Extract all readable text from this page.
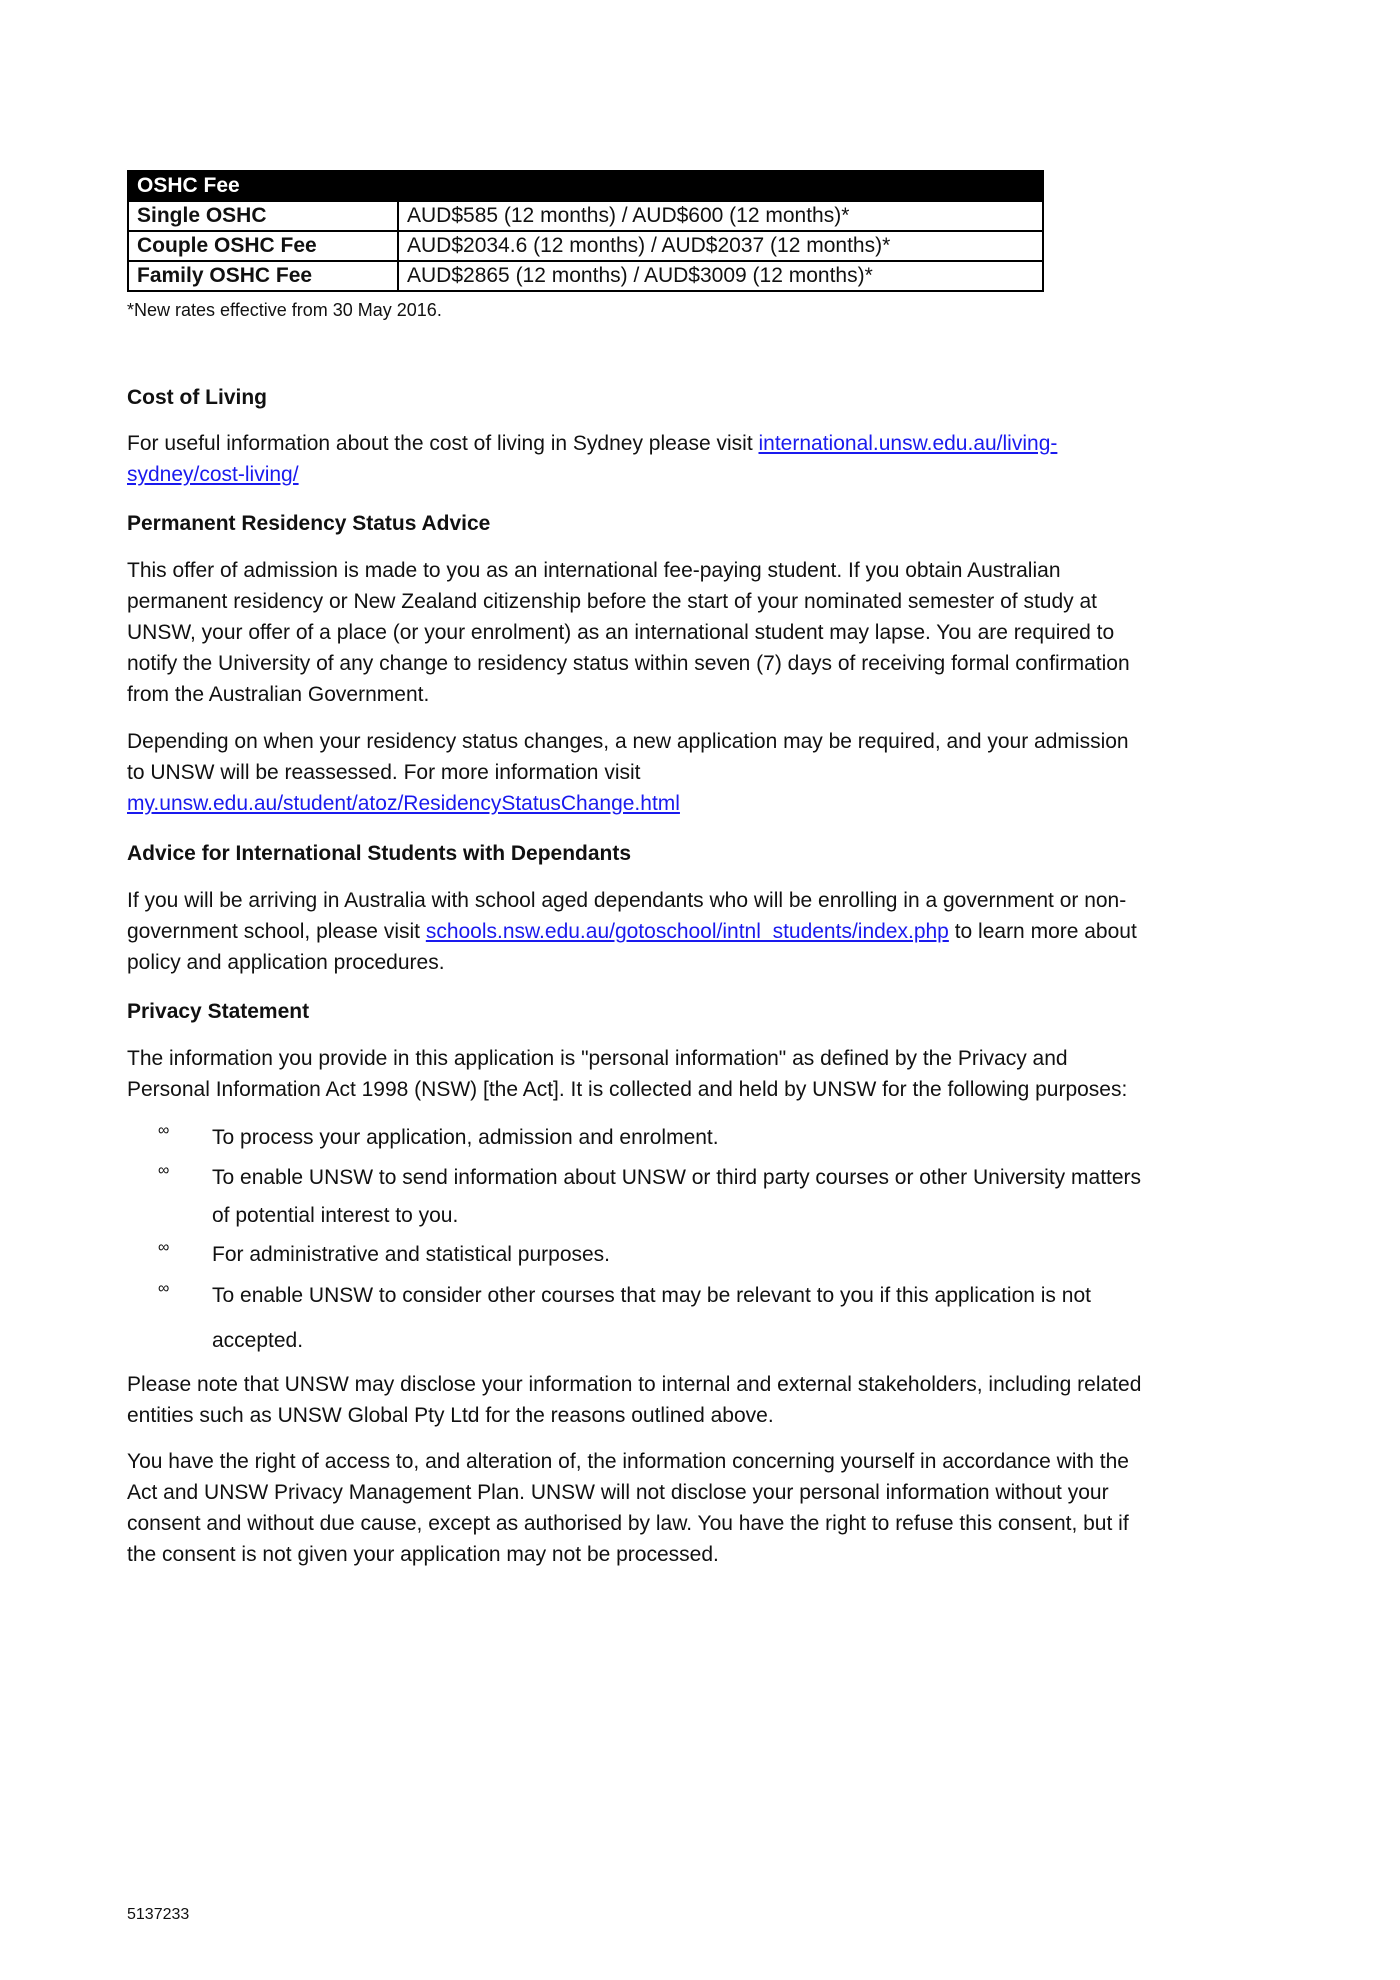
OSHC Fee	
Single OSHC	AUD$585 (12 months) / AUD$600 (12 months)*
Couple OSHC Fee	AUD$2034.6 (12 months) / AUD$2037 (12 months)*
Family OSHC Fee	AUD$2865 (12 months) / AUD$3009 (12 months)*
*New rates effective from 30 May 2016.
Cost of Living
For useful information about the cost of living in Sydney please visit international.unsw.edu.au/living-
sydney/cost-living/
Permanent Residency Status Advice
This offer of admission is made to you as an international fee-paying student. If you obtain Australian
permanent residency or New Zealand citizenship before the start of your nominated semester of study at
UNSW, your offer of a place (or your enrolment) as an international student may lapse. You are required to
notify the University of any change to residency status within seven (7) days of receiving formal confirmation
from the Australian Government.
Depending on when your residency status changes, a new application may be required, and your admission
to UNSW will be reassessed. For more information visit
my.unsw.edu.au/student/atoz/ResidencyStatusChange.html
Advice for International Students with Dependants
If you will be arriving in Australia with school aged dependants who will be enrolling in a government or non-
government school, please visit schools.nsw.edu.au/gotoschool/intnl_students/index.php to learn more about
policy and application procedures.
Privacy Statement
The information you provide in this application is "personal information" as defined by the Privacy and
Personal Information Act 1998 (NSW) [the Act]. It is collected and held by UNSW for the following purposes:
∞ To process your application, admission and enrolment.
∞ To enable UNSW to send information about UNSW or third party courses or other University matters
of potential interest to you.
∞ For administrative and statistical purposes.
∞ To enable UNSW to consider other courses that may be relevant to you if this application is not
accepted.
Please note that UNSW may disclose your information to internal and external stakeholders, including related
entities such as UNSW Global Pty Ltd for the reasons outlined above.
You have the right of access to, and alteration of, the information concerning yourself in accordance with the
Act and UNSW Privacy Management Plan. UNSW will not disclose your personal information without your
consent and without due cause, except as authorised by law. You have the right to refuse this consent, but if
the consent is not given your application may not be processed.
5137233
